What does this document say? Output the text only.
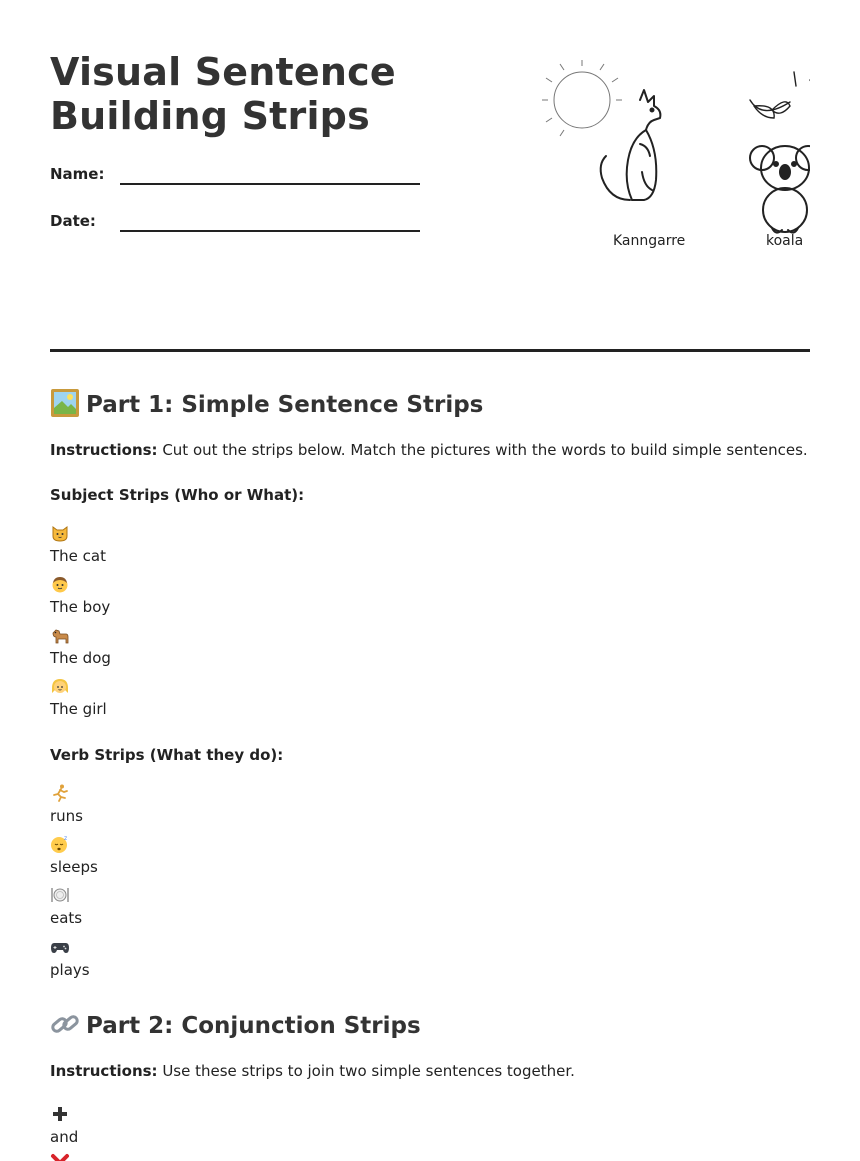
Visual Sentence
Building Strips
Name:
Date:
Kanngarre	koala
Part 1: Simple Sentence Strips
Instructions: Cut out the strips below. Match the pictures with the words to build simple sentences.
Subject Strips (Who or What):
The cat
The boy
The dog
The girl
Verb Strips (What they do):
runs
z
sleeps
eats
plays
Part 2: Conjunction Strips
Instructions: Use these strips to join two simple sentences together.
and
